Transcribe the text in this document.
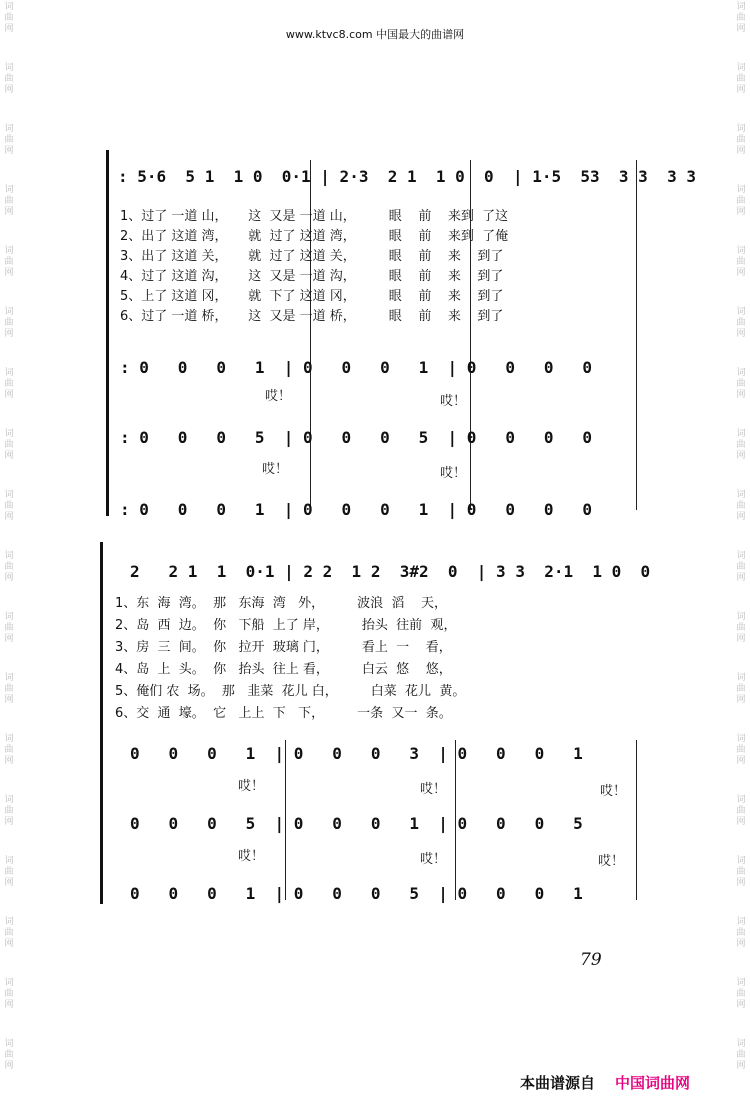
词
曲
网
词
曲
网
词
曲
网
词
曲
网
词
曲
网
词
曲
网
词
曲
网
词
曲
网
词
曲
网
词
曲
网
词
曲
网
词
曲
网
词
曲
网
词
曲
网
词
曲
网
词
曲
网
词
曲
网
词
曲
网
词
曲
网
词
曲
网
词
曲
网
词
曲
网
词
曲
网
词
曲
网
词
曲
网
词
曲
网
词
曲
网
词
曲
网
词
曲
网
词
曲
网
词
曲
网
词
曲
网
词
曲
网
词
曲
网
词
曲
网
词
曲
网
www.ktvc8.com 中国最大的曲谱网
: 5·6  5 1  1 0  0·1 | 2·3  2 1  1 0  0  | 1·5  53  3 3  3 3
1、过了 一道 山，     这  又是 一道 山，        眼    前    来到  了这
2、出了 这道 湾，     就  过了 这道 湾，        眼    前    来到  了俺
3、出了 这道 关，     就  过了 这道 关，        眼    前    来    到了
4、过了 这道 沟，     这  又是 一道 沟，        眼    前    来    到了
5、上了 这道 冈，     就  下了 这道 冈，        眼    前    来    到了
6、过了 一道 桥，     这  又是 一道 桥，        眼    前    来    到了
: 0   0   0   1  | 0   0   0   1  | 0   0   0   0
哎！	哎！
: 0   0   0   5  | 0   0   0   5  | 0   0   0   0
哎！	哎！
: 0   0   0   1  | 0   0   0   1  | 0   0   0   0
2   2 1  1  0·1 | 2 2  1 2  3#2  0  | 3 3  2·1  1 0  0
1、东  海  湾。  那   东海  湾   外，        波浪  滔    天，
2、岛  西  边。  你   下船  上了 岸，        抬头  往前  观，
3、房  三  间。  你   拉开  玻璃 门，        看上  一    看，
4、岛  上  头。  你   抬头  往上 看，        白云  悠    悠，
5、俺们 农  场。  那   韭菜  花儿 白，        白菜  花儿  黄。
6、交  通  壕。  它   上上  下   下，        一条  又一  条。
0   0   0   1  | 0   0   0   3  | 0   0   0   1
哎！	哎！	哎！
0   0   0   5  | 0   0   0   1  | 0   0   0   5
哎！	哎！	哎！
0   0   0   1  | 0   0   0   5  | 0   0   0   1
79
本曲谱源自 中国词曲网
